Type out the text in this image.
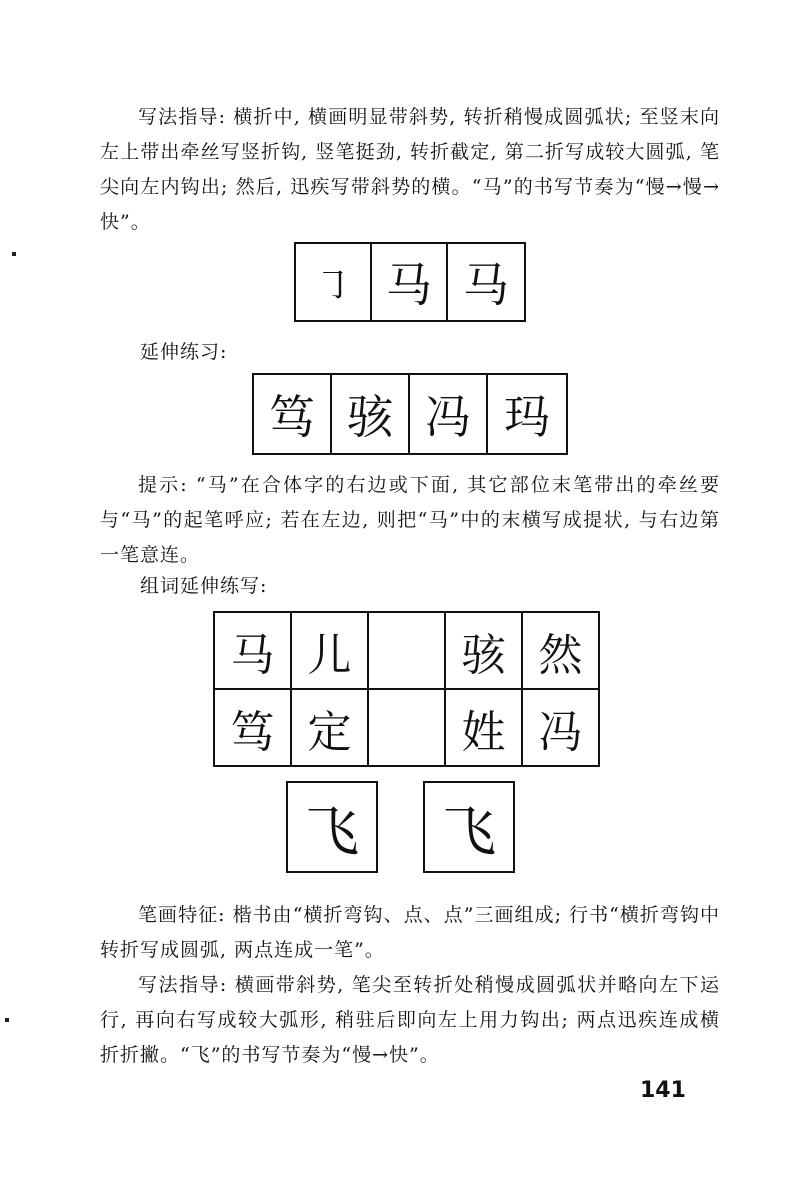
写法指导: 横折中, 横画明显带斜势, 转折稍慢成圆弧状; 至竖末向左上带出牵丝写竖折钩, 竖笔挺劲, 转折截定, 第二折写成较大圆弧, 笔尖向左内钩出; 然后, 迅疾写带斜势的横。“马”的书写节奏为“慢→慢→快”。

㇆ 马 马
延伸练习:
笃 骇 冯 玛

提示: “马”在合体字的右边或下面, 其它部位末笔带出的牵丝要与“马”的起笔呼应; 若在左边, 则把“马”中的末横写成提状, 与右边第一笔意连。

组词延伸练写:
马	儿		骇	然
笃	定		姓	冯
飞	飞

笔画特征: 楷书由“横折弯钩、点、点”三画组成; 行书“横折弯钩中转折写成圆弧, 两点连成一笔”。

写法指导: 横画带斜势, 笔尖至转折处稍慢成圆弧状并略向左下运行, 再向右写成较大弧形, 稍驻后即向左上用力钩出; 两点迅疾连成横折折撇。“飞”的书写节奏为“慢→快”。

141
